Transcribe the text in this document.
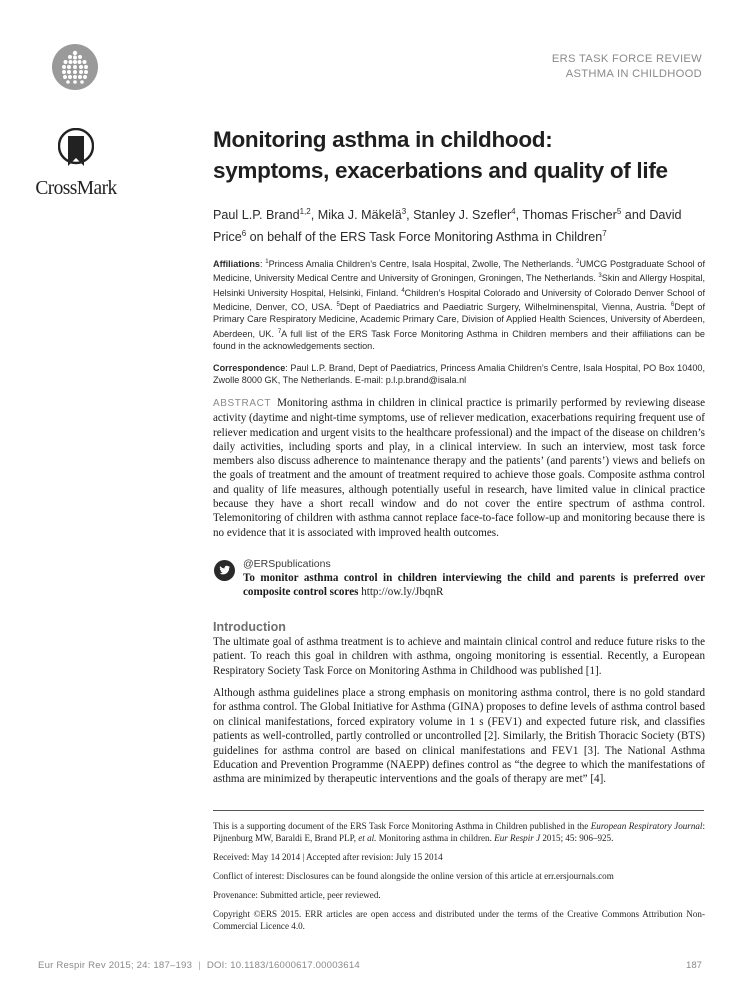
ERS TASK FORCE REVIEW
ASTHMA IN CHILDHOOD
CrossMark
Monitoring asthma in childhood:
symptoms, exacerbations and quality of life
Paul L.P. Brand$^{1,2}$, Mika J. Mäkelä$^3$, Stanley J. Szefler$^4$, Thomas Frischer$^5$ and David Price$^6$ on behalf of the ERS Task Force Monitoring Asthma in Children$^7$
Affiliations: $^1$Princess Amalia Children’s Centre, Isala Hospital, Zwolle, The Netherlands. $^2$UMCG Postgraduate School of Medicine, University Medical Centre and University of Groningen, Groningen, The Netherlands. $^3$Skin and Allergy Hospital, Helsinki University Hospital, Helsinki, Finland. $^4$Children’s Hospital Colorado and University of Colorado Denver School of Medicine, Denver, CO, USA. $^5$Dept of Paediatrics and Paediatric Surgery, Wilhelminenspital, Vienna, Austria. $^6$Dept of Primary Care Respiratory Medicine, Academic Primary Care, Division of Applied Health Sciences, University of Aberdeen, Aberdeen, UK. $^7$A full list of the ERS Task Force Monitoring Asthma in Children members and their affiliations can be found in the acknowledgements section.
Correspondence: Paul L.P. Brand, Dept of Paediatrics, Princess Amalia Children’s Centre, Isala Hospital, PO Box 10400, Zwolle 8000 GK, The Netherlands. E-mail: p.l.p.brand@isala.nl
ABSTRACT Monitoring asthma in children in clinical practice is primarily performed by reviewing disease activity (daytime and night-time symptoms, use of reliever medication, exacerbations requiring frequent use of reliever medication and urgent visits to the healthcare professional) and the impact of the disease on children’s daily activities, including sports and play, in a clinical interview. In such an interview, most task force members also discuss adherence to maintenance therapy and the patients’ (and parents’) views and beliefs on the goals of treatment and the amount of treatment required to achieve those goals. Composite asthma control and quality of life measures, although potentially useful in research, have limited value in clinical practice because they have a short recall window and do not cover the entire spectrum of asthma control. Telemonitoring of children with asthma cannot replace face-to-face follow-up and monitoring because there is no evidence that it is associated with improved health outcomes.
@ERSpublications
To monitor asthma control in children interviewing the child and parents is preferred over composite control scores http://ow.ly/JbqnR
Introduction

The ultimate goal of asthma treatment is to achieve and maintain clinical control and reduce future risks to the patient. To reach this goal in children with asthma, ongoing monitoring is essential. Recently, a European Respiratory Society Task Force on Monitoring Asthma in Childhood was published [1].

Although asthma guidelines place a strong emphasis on monitoring asthma control, there is no gold standard for asthma control. The Global Initiative for Asthma (GINA) proposes to define levels of asthma control based on clinical manifestations, forced expiratory volume in 1 s (FEV1) and expected future risk, and classifies patients as well-controlled, partly controlled or uncontrolled [2]. Similarly, the British Thoracic Society (BTS) guidelines for asthma control are based on clinical manifestations and FEV1 [3]. The National Asthma Education and Prevention Programme (NAEPP) defines control as “the degree to which the manifestations of asthma are minimized by therapeutic interventions and the goals of therapy are met” [4].

This is a supporting document of the ERS Task Force Monitoring Asthma in Children published in the European Respiratory Journal: Pijnenburg MW, Baraldi E, Brand PLP, et al. Monitoring asthma in children. Eur Respir J 2015; 45: 906–925.

Received: May 14 2014 | Accepted after revision: July 15 2014

Conflict of interest: Disclosures can be found alongside the online version of this article at err.ersjournals.com

Provenance: Submitted article, peer reviewed.

Copyright ©ERS 2015. ERR articles are open access and distributed under the terms of the Creative Commons Attribution Non-Commercial Licence 4.0.

Eur Respir Rev 2015; 24: 187–193 | DOI: 10.1183/16000617.00003614	187
